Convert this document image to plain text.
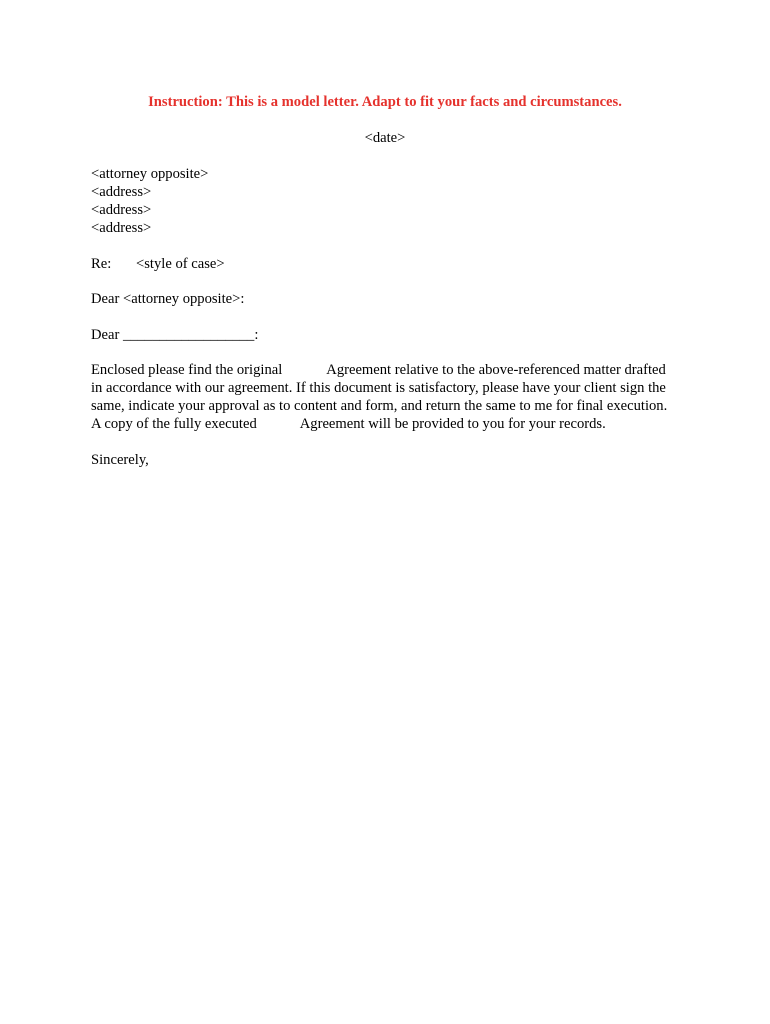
Instruction: This is a model letter. Adapt to fit your facts and circumstances.
<date>
<attorney opposite>
<address>
<address>
<address>
Re: <style of case>
Dear <attorney opposite>:
Dear __________________:
Enclosed please find the original	Agreement relative to the above-referenced matter drafted
in accordance with our agreement. If this document is satisfactory, please have your client sign the
same, indicate your approval as to content and form, and return the same to me for final execution.
A copy of the fully executed	Agreement will be provided to you for your records.
Sincerely,
